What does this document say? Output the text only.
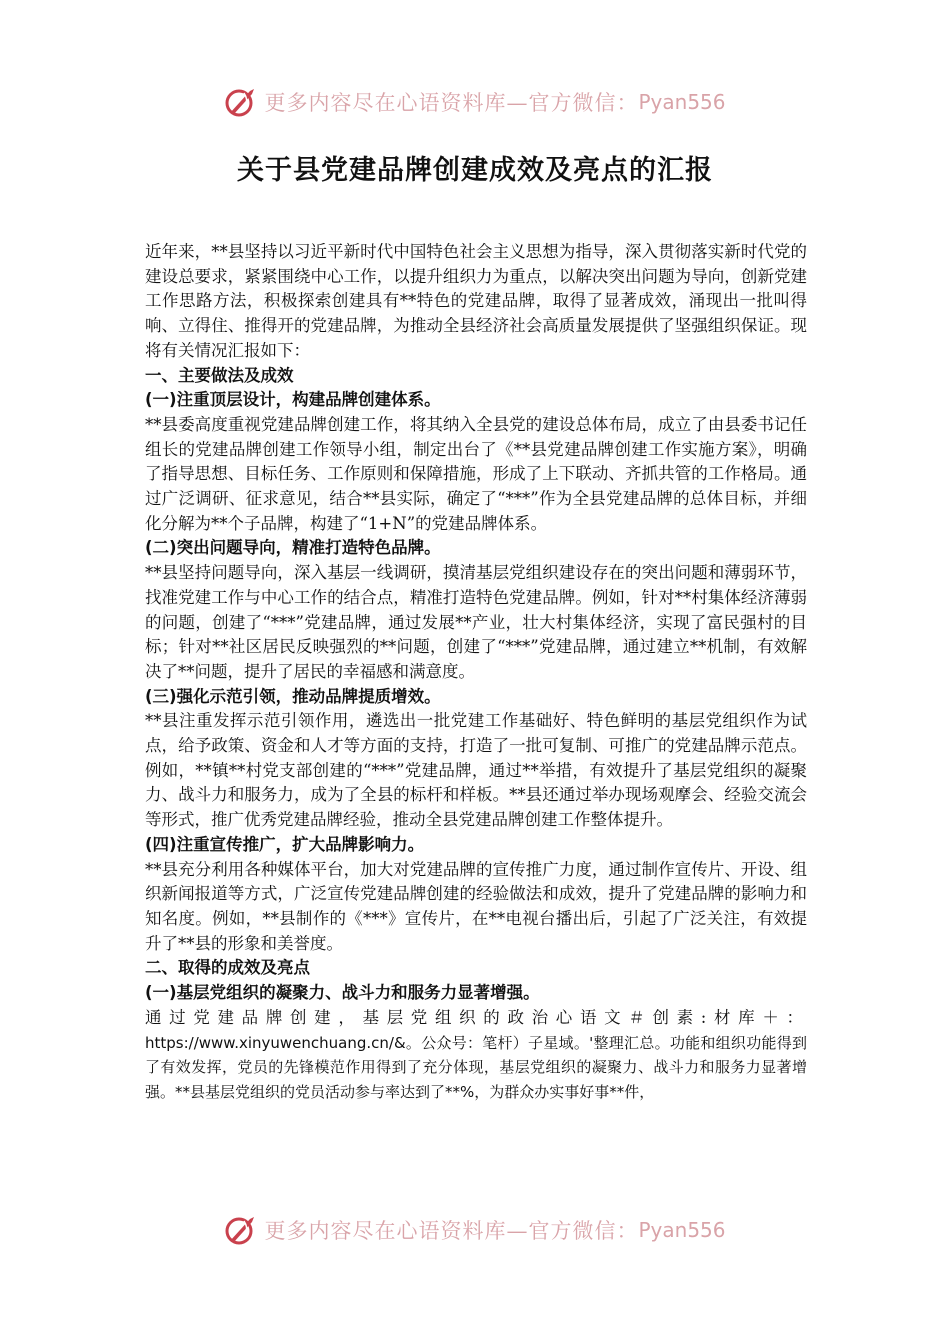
更多内容尽在心语资料库—官方微信： Pyan556
关于县党建品牌创建成效及亮点的汇报

近年来，**县坚持以习近平新时代中国特色社会主义思想为指导，深入贯彻落实新时代党的建设总要求，紧紧围绕中心工作，以提升组织力为重点，以解决突出问题为导向，创新党建工作思路方法，积极探索创建具有**特色的党建品牌，取得了显著成效，涌现出一批叫得响、立得住、推得开的党建品牌，为推动全县经济社会高质量发展提供了坚强组织保证。现将有关情况汇报如下：

一、主要做法及成效

(一)注重顶层设计，构建品牌创建体系。

**县委高度重视党建品牌创建工作，将其纳入全县党的建设总体布局，成立了由县委书记任组长的党建品牌创建工作领导小组，制定出台了《**县党建品牌创建工作实施方案》，明确了指导思想、目标任务、工作原则和保障措施，形成了上下联动、齐抓共管的工作格局。通过广泛调研、征求意见，结合**县实际，确定了“***”作为全县党建品牌的总体目标，并细化分解为**个子品牌，构建了“1+N”的党建品牌体系。

(二)突出问题导向，精准打造特色品牌。

**县坚持问题导向，深入基层一线调研，摸清基层党组织建设存在的突出问题和薄弱环节，找准党建工作与中心工作的结合点，精准打造特色党建品牌。例如，针对**村集体经济薄弱的问题，创建了“***”党建品牌，通过发展**产业，壮大村集体经济，实现了富民强村的目标；针对**社区居民反映强烈的**问题，创建了“***”党建品牌，通过建立**机制，有效解决了**问题，提升了居民的幸福感和满意度。

(三)强化示范引领，推动品牌提质增效。

**县注重发挥示范引领作用，遴选出一批党建工作基础好、特色鲜明的基层党组织作为试点，给予政策、资金和人才等方面的支持，打造了一批可复制、可推广的党建品牌示范点。例如，**镇**村党支部创建的“***”党建品牌，通过**举措，有效提升了基层党组织的凝聚力、战斗力和服务力，成为了全县的标杆和样板。**县还通过举办现场观摩会、经验交流会等形式，推广优秀党建品牌经验，推动全县党建品牌创建工作整体提升。

(四)注重宣传推广，扩大品牌影响力。

**县充分利用各种媒体平台，加大对党建品牌的宣传推广力度，通过制作宣传片、开设、组织新闻报道等方式，广泛宣传党建品牌创建的经验做法和成效，提升了党建品牌的影响力和知名度。例如，**县制作的《***》宣传片，在**电视台播出后，引起了广泛关注，有效提升了**县的形象和美誉度。

二、取得的成效及亮点

(一)基层党组织的凝聚力、战斗力和服务力显著增强。

通过党建品牌创建，基层党组织的政治心语文＃创素:材库＋： https://www.xinyuwenchuang.cn/&。公众号：笔杆）子星域。'整理汇总。功能和组织功能得到了有效发挥，党员的先锋模范作用得到了充分体现，基层党组织的凝聚力、战斗力和服务力显著增强。**县基层党组织的党员活动参与率达到了**%，为群众办实事好事**件，

更多内容尽在心语资料库—官方微信： Pyan556
